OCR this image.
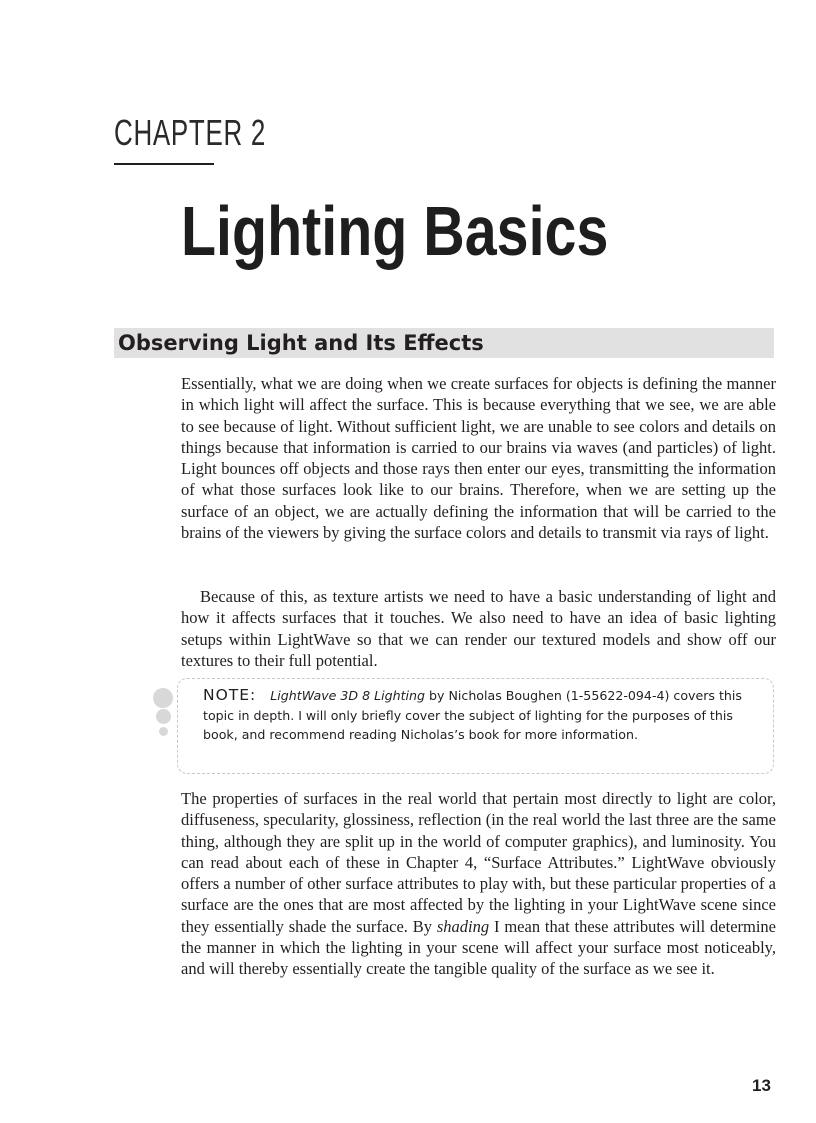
CHAPTER 2
Lighting Basics
Observing Light and Its Effects

Essentially, what we are doing when we create surfaces for objects is defining the manner in which light will affect the surface. This is because everything that we see, we are able to see because of light. Without sufficient light, we are unable to see colors and details on things because that information is carried to our brains via waves (and particles) of light. Light bounces off objects and those rays then enter our eyes, transmitting the information of what those surfaces look like to our brains. Therefore, when we are setting up the surface of an object, we are actually defining the information that will be carried to the brains of the viewers by giving the surface colors and details to transmit via rays of light.

Because of this, as texture artists we need to have a basic understanding of light and how it affects surfaces that it touches. We also need to have an idea of basic lighting setups within LightWave so that we can render our textured models and show off our textures to their full potential.

NOTE: LightWave 3D 8 Lighting by Nicholas Boughen (1-55622-094-4) covers this topic in depth. I will only briefly cover the subject of lighting for the purposes of this book, and recommend reading Nicholas’s book for more information.

The properties of surfaces in the real world that pertain most directly to light are color, diffuseness, specularity, glossiness, reflection (in the real world the last three are the same thing, although they are split up in the world of computer graphics), and luminosity. You can read about each of these in Chapter 4, “Surface Attributes.” LightWave obviously offers a number of other surface attributes to play with, but these particular properties of a surface are the ones that are most affected by the lighting in your LightWave scene since they essentially shade the surface. By shading I mean that these attributes will determine the manner in which the lighting in your scene will affect your surface most noticeably, and will thereby essentially create the tangible quality of the surface as we see it.

13
